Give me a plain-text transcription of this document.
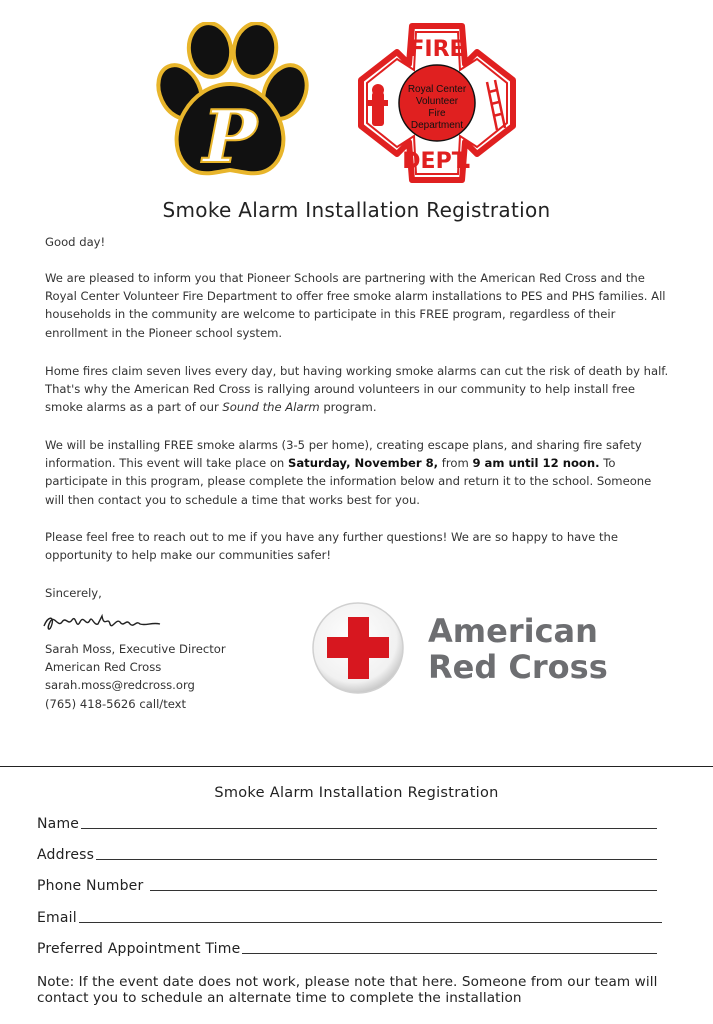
P
FIRE
DEPT.
Royal Center
Volunteer
Fire
Department
Smoke Alarm Installation Registration
Good day!
We are pleased to inform you that Pioneer Schools are partnering with the American Red Cross and the Royal Center Volunteer Fire Department to offer free smoke alarm installations to PES and PHS families. All households in the community are welcome to participate in this FREE program, regardless of their enrollment in the Pioneer school system.
Home fires claim seven lives every day, but having working smoke alarms can cut the risk of death by half. That's why the American Red Cross is rallying around volunteers in our community to help install free smoke alarms as a part of our Sound the Alarm program.
We will be installing FREE smoke alarms (3-5 per home), creating escape plans, and sharing fire safety information. This event will take place on Saturday, November 8, from 9 am until 12 noon. To participate in this program, please complete the information below and return it to the school. Someone will then contact you to schedule a time that works best for you.
Please feel free to reach out to me if you have any further questions! We are so happy to have the opportunity to help make our communities safer!
Sincerely,
Sarah Moss, Executive Director
American Red Cross
sarah.moss@redcross.org
(765) 418-5626 call/text
American
Red Cross
Smoke Alarm Installation Registration
Name
Address
Phone Number
Email
Preferred Appointment Time
Note: If the event date does not work, please note that here. Someone from our team will contact you to schedule an alternate time to complete the installation
